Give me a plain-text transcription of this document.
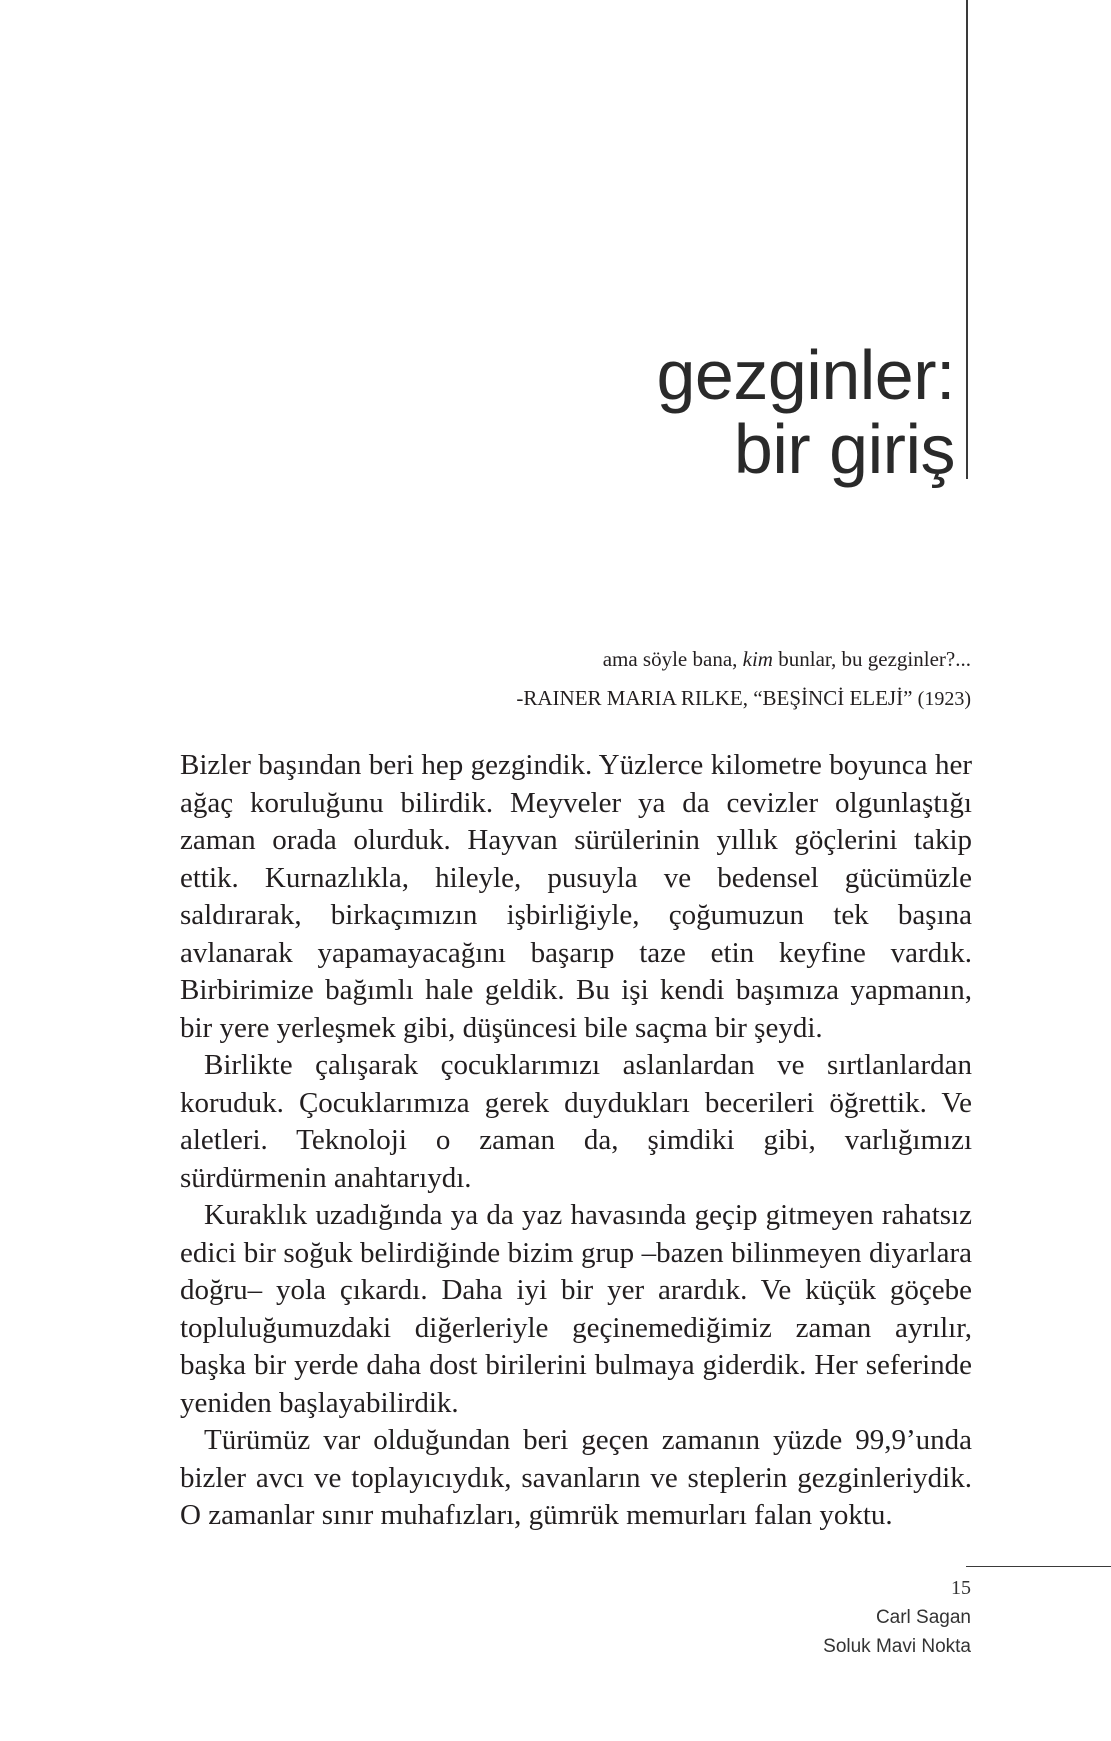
gezginler:
bir giriş
ama söyle bana, kim bunlar, bu gezginler?...
-RAINER MARIA RILKE, “BEŞİNCİ ELEJİ” (1923)

Bizler başından beri hep gezgindik. Yüzlerce kilometre boyunca her ağaç koruluğunu bilirdik. Meyveler ya da cevizler olgunlaştığı zaman orada olurduk. Hayvan sürülerinin yıllık göçlerini takip ettik. Kurnazlıkla, hileyle, pusuyla ve bedensel gücümüzle saldırarak, birkaçımızın işbirliğiyle, çoğumuzun tek başına avlanarak yapamayacağını başarıp taze etin keyfine vardık. Birbirimize bağımlı hale geldik. Bu işi kendi başımıza yapmanın, bir yere yerleşmek gibi, düşüncesi bile saçma bir şeydi.

Birlikte çalışarak çocuklarımızı aslanlardan ve sırtlanlardan koruduk. Çocuklarımıza gerek duydukları becerileri öğrettik. Ve aletleri. Teknoloji o zaman da, şimdiki gibi, varlığımızı sürdürmenin anahtarıydı.

Kuraklık uzadığında ya da yaz havasında geçip gitmeyen rahatsız edici bir soğuk belirdiğinde bizim grup –bazen bilinmeyen diyarlara doğru– yola çıkardı. Daha iyi bir yer arardık. Ve küçük göçebe topluluğumuzdaki diğerleriyle geçinemediğimiz zaman ayrılır, başka bir yerde daha dost birilerini bulmaya giderdik. Her seferinde yeniden başlayabilirdik.

Türümüz var olduğundan beri geçen zamanın yüzde 99,9’unda bizler avcı ve toplayıcıydık, savanların ve steplerin gezginleriydik. O zamanlar sınır muhafızları, gümrük memurları falan yoktu.

15
Carl Sagan
Soluk Mavi Nokta
